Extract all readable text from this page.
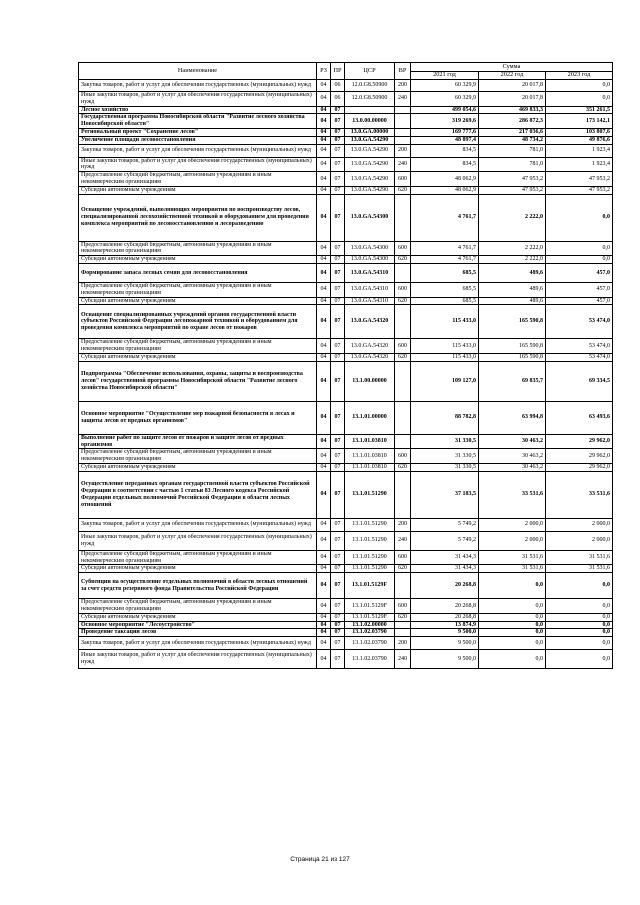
Наименование	РЗ	ПР	ЦСР	ВР	Сумма		
					2021 год	2022 год	2023 год
Закупка товаров, работ и услуг для обеспечения государственных (муниципальных) нужд	04	06	12.0.G8.50900	200	60 329,9	20 017,8	0,0
Иные закупки товаров, работ и услуг для обеспечения государственных (муниципальных) нужд	04	06	12.0.G8.50900	240	60 329,9	20 017,8	0,0
Лесное хозяйство	04	07			499 054,6	469 833,3	351 261,5
Государственная программа Новосибирской области "Развитие лесного хозяйства Новосибирской области"	04	07	13.0.00.00000		319 269,6	286 872,3	173 142,1
Региональный проект "Сохранение лесов"	04	07	13.0.GA.00000		169 777,6	217 036,6	103 807,6
Увеличение площади лесовосстановления	04	07	13.0.GA.54290		48 897,4	48 734,2	49 876,6
Закупка товаров, работ и услуг для обеспечения государственных (муниципальных) нужд	04	07	13.0.GA.54290	200	834,5	781,0	1 923,4
Иные закупки товаров, работ и услуг для обеспечения государственных (муниципальных) нужд	04	07	13.0.GA.54290	240	834,5	781,0	1 923,4
Предоставление субсидий бюджетным, автономным учреждениям и иным некоммерческим организациям	04	07	13.0.GA.54290	600	48 062,9	47 953,2	47 953,2
Субсидии автономным учреждениям	04	07	13.0.GA.54290	620	48 062,9	47 953,2	47 953,2
Оснащение учреждений, выполняющих мероприятия по воспроизводству лесов, специализированной лесохозяйственной техникой и оборудованием для проведения комплекса мероприятий по лесовосстановлению и лесоразведению	04	07	13.0.GA.54300		4 761,7	2 222,0	0,0
Предоставление субсидий бюджетным, автономным учреждениям и иным некоммерческим организациям	04	07	13.0.GA.54300	600	4 761,7	2 222,0	0,0
Субсидии автономным учреждениям	04	07	13.0.GA.54300	620	4 761,7	2 222,0	0,0
Формирование запаса лесных семян для лесовосстановления	04	07	13.0.GA.54310		685,5	489,6	457,0
Предоставление субсидий бюджетным, автономным учреждениям и иным некоммерческим организациям	04	07	13.0.GA.54310	600	685,5	489,6	457,0
Субсидии автономным учреждениям	04	07	13.0.GA.54310	620	685,5	489,6	457,0
Оснащение специализированных учреждений органов государственной власти субъектов Российской Федерации лесопожарной техникой и оборудованием для проведения комплекса мероприятий по охране лесов от пожаров	04	07	13.0.GA.54320		115 433,0	165 590,8	53 474,0
Предоставление субсидий бюджетным, автономным учреждениям и иным некоммерческим организациям	04	07	13.0.GA.54320	600	115 433,0	165 590,8	53 474,0
Субсидии автономным учреждениям	04	07	13.0.GA.54320	620	115 433,0	165 590,8	53 474,0
Подпрограмма "Обеспечение использования, охраны, защиты и воспроизводства лесов" государственной программы Новосибирской области "Развитие лесного хозяйства Новосибирской области"	04	07	13.1.00.00000		109 127,0	69 835,7	69 334,5
Основное мероприятие "Осуществление мер пожарной безопасности в лесах и защиты лесов от вредных организмов"	04	07	13.1.01.00000		88 782,8	63 994,8	63 493,6
Выполнение работ по защите лесов от пожаров и защите лесов от вредных организмов	04	07	13.1.01.03810		31 330,5	30 463,2	29 962,0
Предоставление субсидий бюджетным, автономным учреждениям и иным некоммерческим организациям	04	07	13.1.01.03810	600	31 330,5	30 463,2	29 962,0
Субсидии автономным учреждениям	04	07	13.1.01.03810	620	31 330,5	30 463,2	29 962,0
Осуществление переданных органам государственной власти субъектов Российской Федерации в соответствии с частью 1 статьи 83 Лесного кодекса Российской Федерации отдельных полномочий Российской Федерации в области лесных отношений	04	07	13.1.01.51290		37 183,5	33 531,6	33 531,6
Закупка товаров, работ и услуг для обеспечения государственных (муниципальных) нужд	04	07	13.1.01.51290	200	5 749,2	2 000,0	2 000,0
Иные закупки товаров, работ и услуг для обеспечения государственных (муниципальных) нужд	04	07	13.1.01.51290	240	5 749,2	2 000,0	2 000,0
Предоставление субсидий бюджетным, автономным учреждениям и иным некоммерческим организациям	04	07	13.1.01.51290	600	31 434,3	31 531,6	31 531,6
Субсидии автономным учреждениям	04	07	13.1.01.51290	620	31 434,3	31 531,6	31 531,6
Субвенции на осуществление отдельных полномочий в области лесных отношений за счет средств резервного фонда Правительства Российской Федерации	04	07	13.1.01.5129F		20 268,8	0,0	0,0
Предоставление субсидий бюджетным, автономным учреждениям и иным некоммерческим организациям	04	07	13.1.01.5129F	600	20 268,8	0,0	0,0
Субсидии автономным учреждениям	04	07	13.1.01.5129F	620	20 268,8	0,0	0,0
Основное мероприятие "Лесоустройство"	04	07	13.1.02.00000		13 874,9	0,0	0,0
Проведение таксации лесов	04	07	13.1.02.03790		9 500,0	0,0	0,0
Закупка товаров, работ и услуг для обеспечения государственных (муниципальных) нужд	04	07	13.1.02.03790	200	9 500,0	0,0	0,0
Иные закупки товаров, работ и услуг для обеспечения государственных (муниципальных) нужд	04	07	13.1.02.03790	240	9 500,0	0,0	0,0
Страница 21 из 127
